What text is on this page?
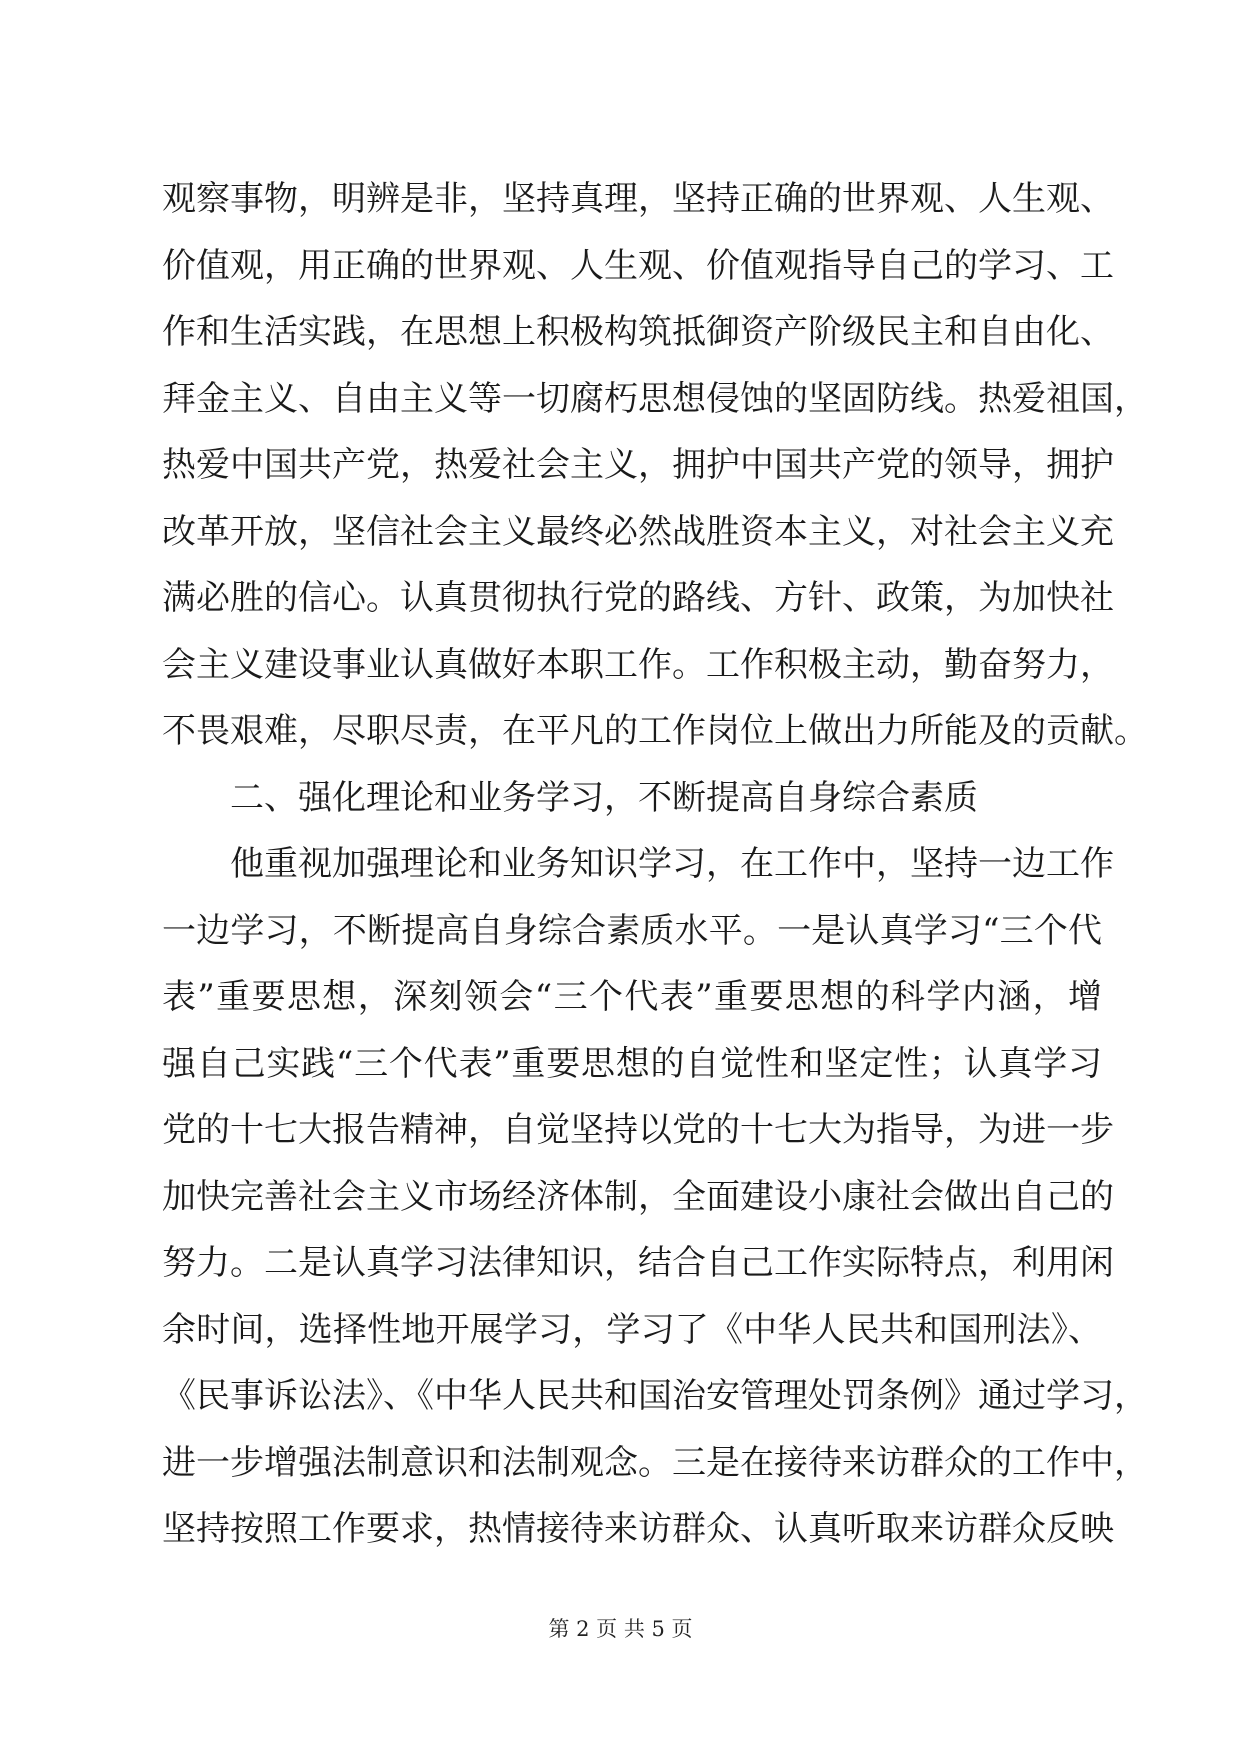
观察事物，明辨是非，坚持真理，坚持正确的世界观、人生观、
价值观，用正确的世界观、人生观、价值观指导自己的学习、工
作和生活实践，在思想上积极构筑抵御资产阶级民主和自由化、
拜金主义、自由主义等一切腐朽思想侵蚀的坚固防线。热爱祖国，
热爱中国共产党，热爱社会主义，拥护中国共产党的领导，拥护
改革开放，坚信社会主义最终必然战胜资本主义，对社会主义充
满必胜的信心。认真贯彻执行党的路线、方针、政策，为加快社
会主义建设事业认真做好本职工作。工作积极主动，勤奋努力，
不畏艰难，尽职尽责，在平凡的工作岗位上做出力所能及的贡献。
　　二、强化理论和业务学习，不断提高自身综合素质
　　他重视加强理论和业务知识学习，在工作中，坚持一边工作
一边学习，不断提高自身综合素质水平。一是认真学习“三个代
表”重要思想，深刻领会“三个代表”重要思想的科学内涵，增
强自己实践“三个代表”重要思想的自觉性和坚定性；认真学习
党的十七大报告精神，自觉坚持以党的十七大为指导，为进一步
加快完善社会主义市场经济体制，全面建设小康社会做出自己的
努力。二是认真学习法律知识，结合自己工作实际特点，利用闲
余时间，选择性地开展学习，学习了《中华人民共和国刑法》、
《民事诉讼法》、《中华人民共和国治安管理处罚条例》通过学习，
进一步增强法制意识和法制观念。三是在接待来访群众的工作中，
坚持按照工作要求，热情接待来访群众、认真听取来访群众反映
第 2 页 共 5 页
